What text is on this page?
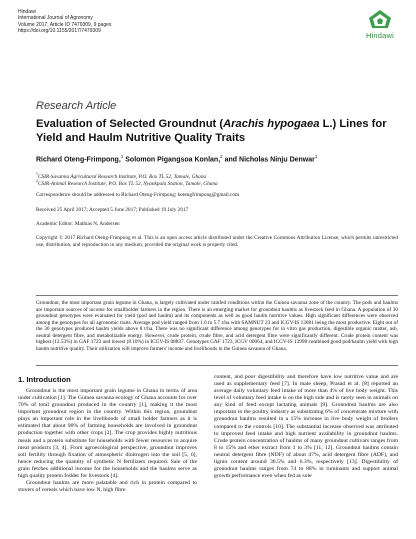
Hindawi
International Journal of Agronomy
Volume 2017, Article ID 7479309, 9 pages
https://doi.org/10.1155/2017/7479309	Hindawi
Research Article
Evaluation of Selected Groundnut (Arachis hypogaea L.) Lines for Yield and Haulm Nutritive Quality Traits
Richard Oteng-Frimpong,$^1$ Solomon Pigangsoa Konlan,$^2$ and Nicholas Ninju Denwar$^1$
$^1$CSIR-Savanna Agricultural Research Institute, P.O. Box TL 52, Tamale, Ghana
$^2$CSIR-Animal Research Institute, P.O. Box TL 52, Nyankpala Station, Tamale, Ghana
Correspondence should be addressed to Richard Oteng-Frimpong; kotengfrimpong@gmail.com
Received 25 April 2017; Accepted 5 June 2017; Published 19 July 2017
Academic Editor: Mathias N. Andersen
Copyright © 2017 Richard Oteng-Frimpong et al. This is an open access article distributed under the Creative Commons Attribution License, which permits unrestricted use, distribution, and reproduction in any medium, provided the original work is properly cited.
Groundnut, the most important grain legume in Ghana, is largely cultivated under rainfed conditions within the Guinea savanna zone of the country. The pods and haulms are important sources of income for smallholder farmers in the region. There is an emerging market for groundnut haulms as livestock feed in Ghana. A population of 30 groundnut genotypes were evaluated for yield (pod and haulm) and its components as well as good haulm nutritive values. High significant differences were observed among the genotypes for all agronomic traits. Average pod yield ranged from 1.6 to 5.7 t/ha with SAMNUT 23 and ICGV-IS 13081 being the most productive. Eight out of the 30 genotypes produced haulm yields above 8 t/ha. There was no significant difference among genotypes for in vitro gas production, digestible organic matter, ash, neutral detergent fibre, and metabolizable energy. However, crude protein, crude fibre, and acid detergent fibre were significantly different. Crude protein content was highest (12.53%) in GAF 1723 and lowest (8.10%) in ICGV-IS 08837. Genotypes GAF 1723, ICGV 00064, and ICGV-IS 13998 combined good pod/haulm yield with high haulm nutritive quality. Their utilization will improve farmers' income and livelihoods in the Guinea savanna of Ghana.
1. Introduction

Groundnut is the most important grain legume in Ghana in terms of area under cultivation [1]. The Guinea savanna ecology of Ghana accounts for over 70% of total groundnut produced in the country [1], making it the most important groundnut region in the country. Within this region, groundnut plays an important role in the livelihoods of small holder farmers as it is estimated that about 90% of farming households are involved in groundnut production together with other crops [2]. The crop provides highly nutritious meals and a protein substitute for households with fewer resources to acquire meat products [3, 4]. From agroecological perspective, groundnut improves soil fertility through fixation of atmospheric dinitrogen into the soil [5, 6], hence reducing the quantity of synthetic N fertilizers required. Sale of the grain fetches additional income for the households and the haulms serve as high quality protein fodder for livestock [4].

Groundnut haulms are more palatable and rich in protein compared to stovers of cereals which have low N, high fibre

content, and poor digestibility and therefore have low nutritive value and are used as supplementary feed [7]. In male sheep, Prasad et al. [8] reported an average daily voluntary feed intake of more than 4% of live body weight. This level of voluntary feed intake is on the high side and is rarely seen in animals on any kind of feed except lactating animals [9]. Groundnut haulms are also important in the poultry industry as substituting 6% of concentrate mixture with groundnut haulms resulted in a 15% increase in live body weight of broilers compared to the controls [10]. The substantial increase observed was attributed to improved feed intake and high nutrient availability in groundnut haulms. Crude protein concentration of haulms of many groundnut cultivars ranges from 8 to 15% and ether extract from 1 to 3% [11, 12]. Groundnut haulms contain neutral detergent fibre (NDF) of about 47%, acid detergent fibre (ADF), and lignin content around 36.5% and 6.3%, respectively [13]. Digestibility of groundnut haulms ranges from 74 to 88% in ruminants and support animal growth performance even when fed as sole
